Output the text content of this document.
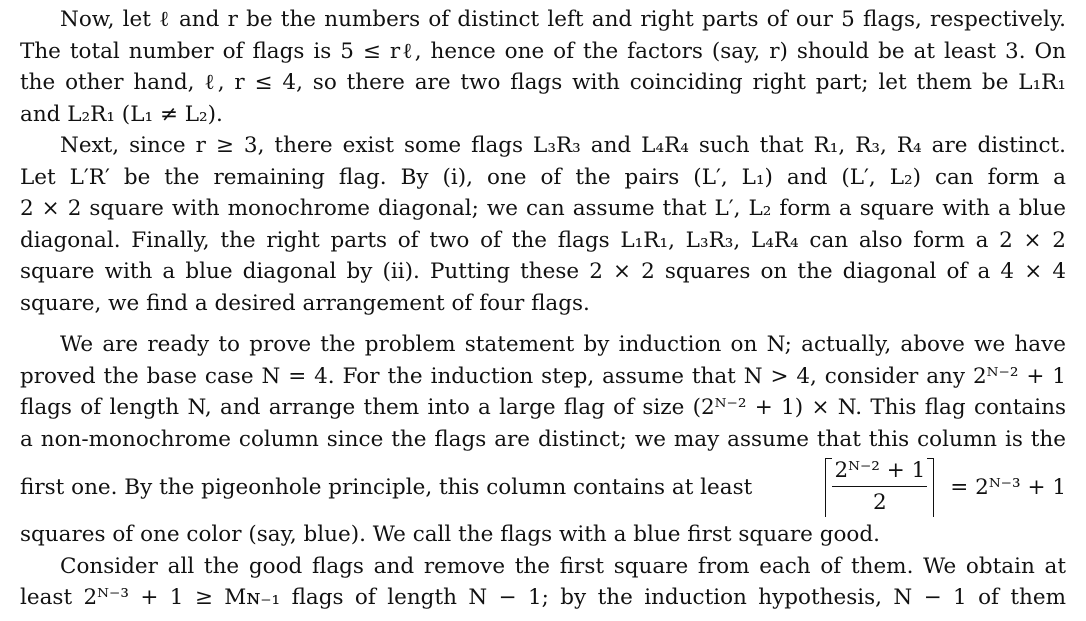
Now, let ℓ and r be the numbers of distinct left and right parts of our 5 flags, respectively.
The total number of flags is 5 ≤ rℓ, hence one of the factors (say, r) should be at least 3. On
the other hand, ℓ, r ≤ 4, so there are two flags with coinciding right part; let them be L₁R₁
and L₂R₁ (L₁ ≠ L₂).
Next, since r ≥ 3, there exist some flags L₃R₃ and L₄R₄ such that R₁, R₃, R₄ are distinct.
Let L′R′ be the remaining flag. By (i), one of the pairs (L′, L₁) and (L′, L₂) can form a
2 × 2 square with monochrome diagonal; we can assume that L′, L₂ form a square with a blue
diagonal. Finally, the right parts of two of the flags L₁R₁, L₃R₃, L₄R₄ can also form a 2 × 2
square with a blue diagonal by (ii). Putting these 2 × 2 squares on the diagonal of a 4 × 4
square, we find a desired arrangement of four flags.
We are ready to prove the problem statement by induction on N; actually, above we have
proved the base case N = 4. For the induction step, assume that N > 4, consider any 2ᴺ⁻² + 1
flags of length N, and arrange them into a large flag of size (2ᴺ⁻² + 1) × N. This flag contains
a non-monochrome column since the flags are distinct; we may assume that this column is the
first one. By the pigeonhole principle, this column contains at least	$\frac{\text{2ᴺ⁻² + 1}}{2}$ = 2ᴺ⁻³ + 1
squares of one color (say, blue). We call the flags with a blue first square good.
Consider all the good flags and remove the first square from each of them. We obtain at
least 2ᴺ⁻³ + 1 ≥ Mɴ₋₁ flags of length N − 1; by the induction hypothesis, N − 1 of them
